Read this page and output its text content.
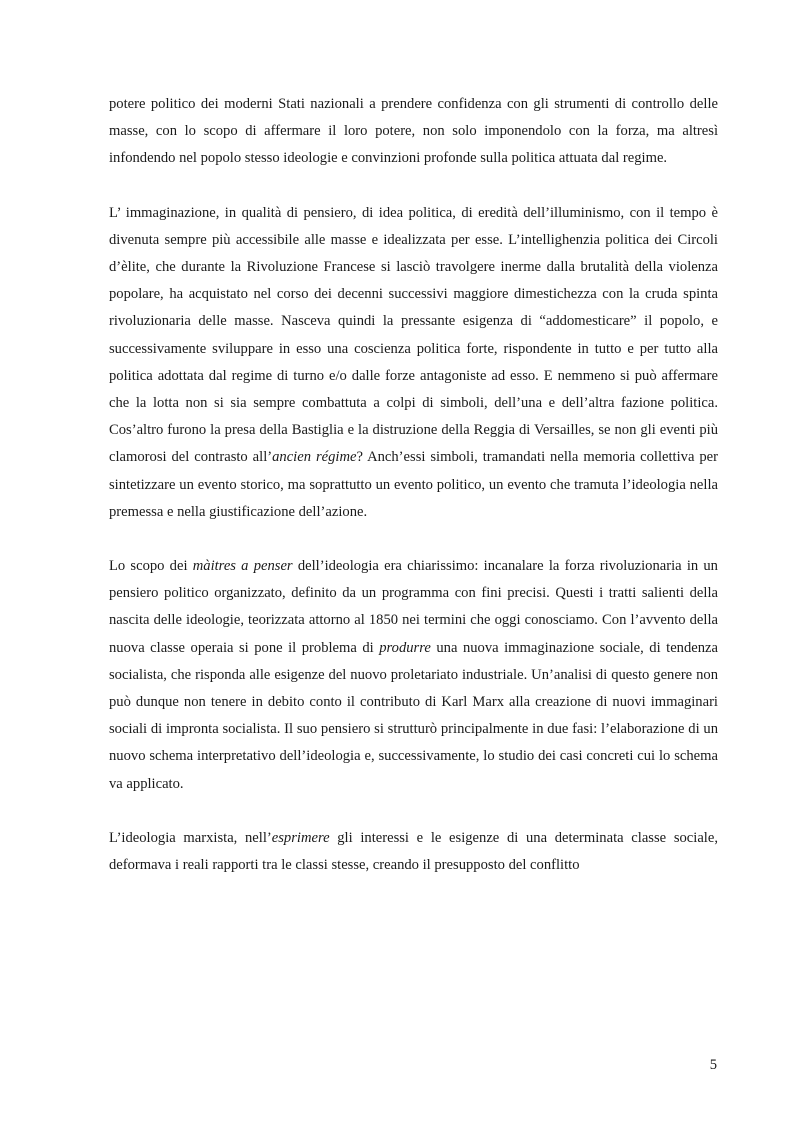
potere politico dei moderni Stati nazionali a prendere confidenza con gli strumenti di controllo delle masse, con lo scopo di affermare il loro potere, non solo imponendolo con la forza, ma altresì infondendo nel popolo stesso ideologie e convinzioni profonde sulla politica attuata dal regime.

L’ immaginazione, in qualità di pensiero, di idea politica, di eredità dell’illuminismo, con il tempo è divenuta sempre più accessibile alle masse e idealizzata per esse. L’intellighenzia politica dei Circoli d’èlite, che durante la Rivoluzione Francese si lasciò travolgere inerme dalla brutalità della violenza popolare, ha acquistato nel corso dei decenni successivi maggiore dimestichezza con la cruda spinta rivoluzionaria delle masse. Nasceva quindi la pressante esigenza di “addomesticare” il popolo, e successivamente sviluppare in esso una coscienza politica forte, rispondente in tutto e per tutto alla politica adottata dal regime di turno e/o dalle forze antagoniste ad esso. E nemmeno si può affermare che la lotta non si sia sempre combattuta a colpi di simboli, dell’una e dell’altra fazione politica. Cos’altro furono la presa della Bastiglia e la distruzione della Reggia di Versailles, se non gli eventi più clamorosi del contrasto all’ancien régime? Anch’essi simboli, tramandati nella memoria collettiva per sintetizzare un evento storico, ma soprattutto un evento politico, un evento che tramuta l’ideologia nella premessa e nella giustificazione dell’azione.

Lo scopo dei màitres a penser dell’ideologia era chiarissimo: incanalare la forza rivoluzionaria in un pensiero politico organizzato, definito da un programma con fini precisi. Questi i tratti salienti della nascita delle ideologie, teorizzata attorno al 1850 nei termini che oggi conosciamo. Con l’avvento della nuova classe operaia si pone il problema di produrre una nuova immaginazione sociale, di tendenza socialista, che risponda alle esigenze del nuovo proletariato industriale. Un’analisi di questo genere non può dunque non tenere in debito conto il contributo di Karl Marx alla creazione di nuovi immaginari sociali di impronta socialista. Il suo pensiero si strutturò principalmente in due fasi: l’elaborazione di un nuovo schema interpretativo dell’ideologia e, successivamente, lo studio dei casi concreti cui lo schema va applicato.

L’ideologia marxista, nell’esprimere gli interessi e le esigenze di una determinata classe sociale, deformava i reali rapporti tra le classi stesse, creando il presupposto del conflitto

5
